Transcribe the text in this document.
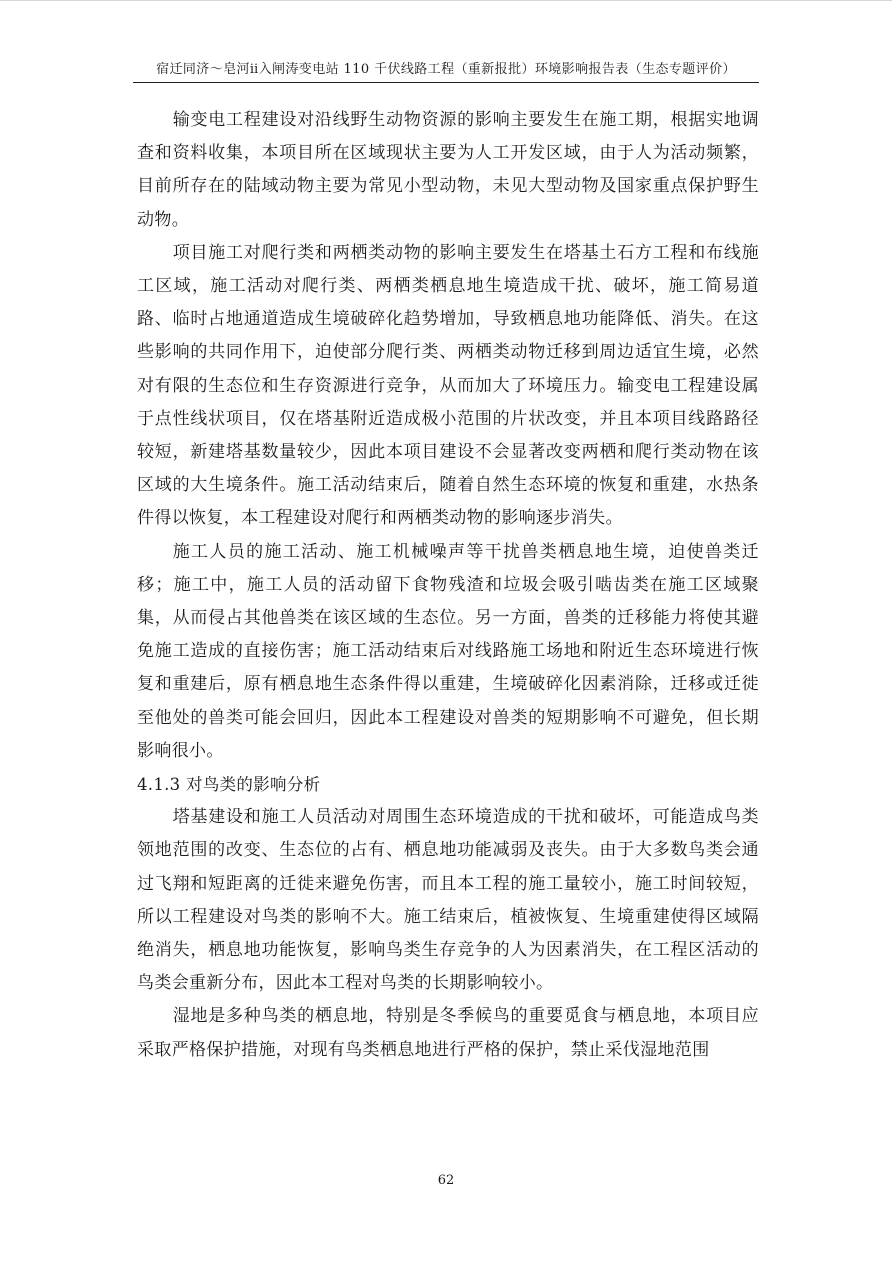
宿迁同济～皂河ⅱ入闸涛变电站 110 千伏线路工程（重新报批）环境影响报告表（生态专题评价）

输变电工程建设对沿线野生动物资源的影响主要发生在施工期，根据实地调查和资料收集，本项目所在区域现状主要为人工开发区域，由于人为活动频繁，目前所存在的陆域动物主要为常见小型动物，未见大型动物及国家重点保护野生动物。

项目施工对爬行类和两栖类动物的影响主要发生在塔基土石方工程和布线施工区域，施工活动对爬行类、两栖类栖息地生境造成干扰、破坏，施工简易道路、临时占地通道造成生境破碎化趋势增加，导致栖息地功能降低、消失。在这些影响的共同作用下，迫使部分爬行类、两栖类动物迁移到周边适宜生境，必然对有限的生态位和生存资源进行竞争，从而加大了环境压力。输变电工程建设属于点性线状项目，仅在塔基附近造成极小范围的片状改变，并且本项目线路路径较短，新建塔基数量较少，因此本项目建设不会显著改变两栖和爬行类动物在该区域的大生境条件。施工活动结束后，随着自然生态环境的恢复和重建，水热条件得以恢复，本工程建设对爬行和两栖类动物的影响逐步消失。

施工人员的施工活动、施工机械噪声等干扰兽类栖息地生境，迫使兽类迁移；施工中，施工人员的活动留下食物残渣和垃圾会吸引啮齿类在施工区域聚集，从而侵占其他兽类在该区域的生态位。另一方面，兽类的迁移能力将使其避免施工造成的直接伤害；施工活动结束后对线路施工场地和附近生态环境进行恢复和重建后，原有栖息地生态条件得以重建，生境破碎化因素消除，迁移或迁徙至他处的兽类可能会回归，因此本工程建设对兽类的短期影响不可避免，但长期影响很小。

4.1.3 对鸟类的影响分析

塔基建设和施工人员活动对周围生态环境造成的干扰和破坏，可能造成鸟类领地范围的改变、生态位的占有、栖息地功能减弱及丧失。由于大多数鸟类会通过飞翔和短距离的迁徙来避免伤害，而且本工程的施工量较小，施工时间较短，所以工程建设对鸟类的影响不大。施工结束后，植被恢复、生境重建使得区域隔绝消失，栖息地功能恢复，影响鸟类生存竞争的人为因素消失，在工程区活动的鸟类会重新分布，因此本工程对鸟类的长期影响较小。

湿地是多种鸟类的栖息地，特别是冬季候鸟的重要觅食与栖息地，本项目应采取严格保护措施，对现有鸟类栖息地进行严格的保护，禁止采伐湿地范围

62
